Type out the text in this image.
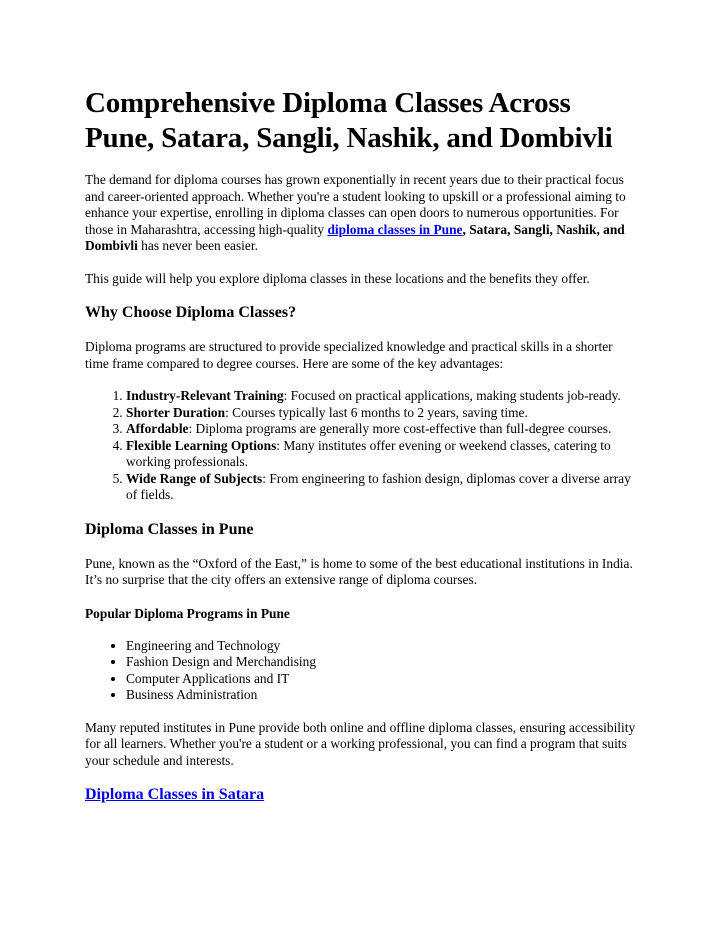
Comprehensive Diploma Classes Across Pune, Satara, Sangli, Nashik, and Dombivli

The demand for diploma courses has grown exponentially in recent years due to their practical focus and career-oriented approach. Whether you're a student looking to upskill or a professional aiming to enhance your expertise, enrolling in diploma classes can open doors to numerous opportunities. For those in Maharashtra, accessing high-quality diploma classes in Pune, Satara, Sangli, Nashik, and Dombivli has never been easier.

This guide will help you explore diploma classes in these locations and the benefits they offer.

Why Choose Diploma Classes?

Diploma programs are structured to provide specialized knowledge and practical skills in a shorter time frame compared to degree courses. Here are some of the key advantages:

1. Industry-Relevant Training: Focused on practical applications, making students job-ready.
2. Shorter Duration: Courses typically last 6 months to 2 years, saving time.
3. Affordable: Diploma programs are generally more cost-effective than full-degree courses.
4. Flexible Learning Options: Many institutes offer evening or weekend classes, catering to working professionals.
5. Wide Range of Subjects: From engineering to fashion design, diplomas cover a diverse array of fields.
Diploma Classes in Pune

Pune, known as the “Oxford of the East,” is home to some of the best educational institutions in India. It’s no surprise that the city offers an extensive range of diploma courses.

Popular Diploma Programs in Pune
• Engineering and Technology
• Fashion Design and Merchandising
• Computer Applications and IT
• Business Administration

Many reputed institutes in Pune provide both online and offline diploma classes, ensuring accessibility for all learners. Whether you're a student or a working professional, you can find a program that suits your schedule and interests.

Diploma Classes in Satara
